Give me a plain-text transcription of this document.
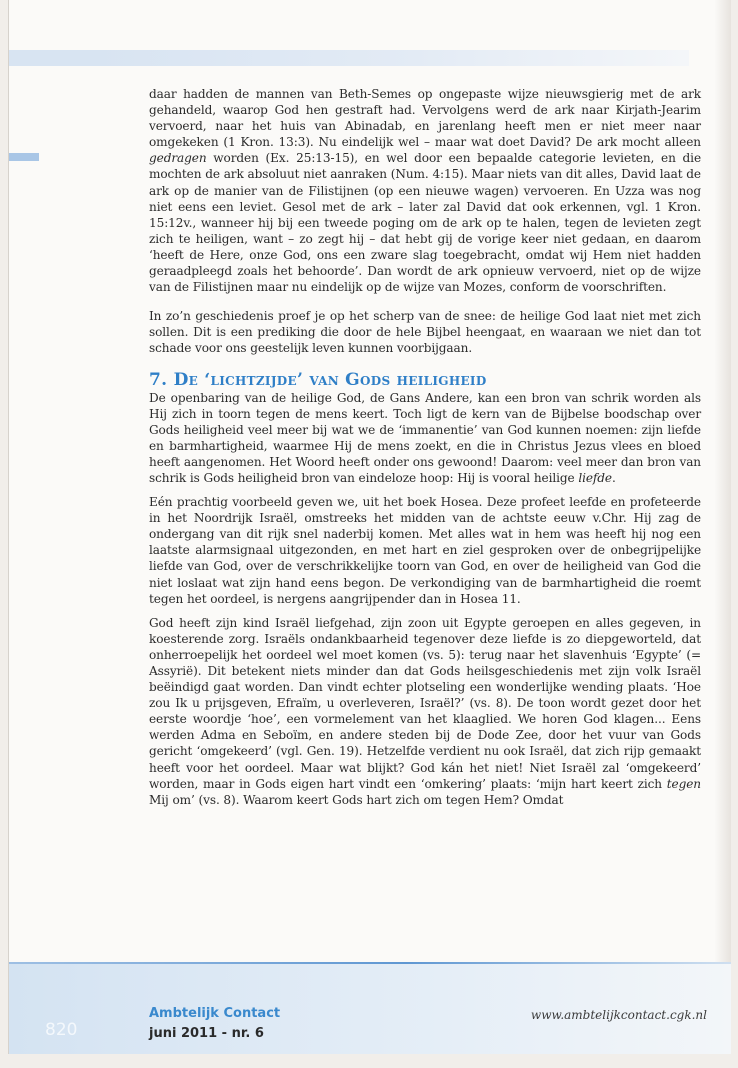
daar hadden de mannen van Beth-Semes op ongepaste wijze nieuwsgierig met de ark gehandeld, waarop God hen gestraft had. Vervolgens werd de ark naar Kirjath-Jearim vervoerd, naar het huis van Abinadab, en jarenlang heeft men er niet meer naar omgekeken (1 Kron. 13:3). Nu eindelijk wel – maar wat doet David? De ark mocht alleen gedragen worden (Ex. 25:13-15), en wel door een bepaalde categorie levieten, en die mochten de ark absoluut niet aanraken (Num. 4:15). Maar niets van dit alles, David laat de ark op de manier van de Filistijnen (op een nieuwe wagen) vervoeren. En Uzza was nog niet eens een leviet. Gesol met de ark – later zal David dat ook erkennen, vgl. 1 Kron. 15:12v., wanneer hij bij een tweede poging om de ark op te halen, tegen de levieten zegt zich te heiligen, want – zo zegt hij – dat hebt gij de vorige keer niet gedaan, en daarom ‘heeft de Here, onze God, ons een zware slag toegebracht, omdat wij Hem niet hadden geraadpleegd zoals het behoorde’. Dan wordt de ark opnieuw vervoerd, niet op de wijze van de Filistijnen maar nu eindelijk op de wijze van Mozes, conform de voorschriften.

In zo’n geschiedenis proef je op het scherp van de snee: de heilige God laat niet met zich sollen. Dit is een prediking die door de hele Bijbel heengaat, en waaraan we niet dan tot schade voor ons geestelijk leven kunnen voorbijgaan.

7. De ‘lichtzijde’ van Gods heiligheid

De openbaring van de heilige God, de Gans Andere, kan een bron van schrik worden als Hij zich in toorn tegen de mens keert. Toch ligt de kern van de Bijbelse boodschap over Gods heiligheid veel meer bij wat we de ‘immanentie’ van God kunnen noemen: zijn liefde en barmhartigheid, waarmee Hij de mens zoekt, en die in Christus Jezus vlees en bloed heeft aangenomen. Het Woord heeft onder ons gewoond! Daarom: veel meer dan bron van schrik is Gods heiligheid bron van eindeloze hoop: Hij is vooral heilige liefde.

Eén prachtig voorbeeld geven we, uit het boek Hosea. Deze profeet leefde en profeteerde in het Noordrijk Israël, omstreeks het midden van de achtste eeuw v.Chr. Hij zag de ondergang van dit rijk snel naderbij komen. Met alles wat in hem was heeft hij nog een laatste alarmsignaal uitgezonden, en met hart en ziel gesproken over de onbegrijpelijke liefde van God, over de verschrikkelijke toorn van God, en over de heiligheid van God die niet loslaat wat zijn hand eens begon. De verkondiging van de barmhartigheid die roemt tegen het oordeel, is nergens aangrijpender dan in Hosea 11.

God heeft zijn kind Israël liefgehad, zijn zoon uit Egypte geroepen en alles gegeven, in koesterende zorg. Israëls ondankbaarheid tegenover deze liefde is zo diepgeworteld, dat onherroepelijk het oordeel wel moet komen (vs. 5): terug naar het slavenhuis ‘Egypte’ (= Assyrië). Dit betekent niets minder dan dat Gods heilsgeschiedenis met zijn volk Israël beëindigd gaat worden. Dan vindt echter plotseling een wonderlijke wending plaats. ‘Hoe zou Ik u prijsgeven, Efraïm, u overleveren, Israël?’ (vs. 8). De toon wordt gezet door het eerste woordje ‘hoe’, een vormelement van het klaaglied. We horen God klagen... Eens werden Adma en Seboïm, en andere steden bij de Dode Zee, door het vuur van Gods gericht ‘omgekeerd’ (vgl. Gen. 19). Hetzelfde verdient nu ook Israël, dat zich rijp gemaakt heeft voor het oordeel. Maar wat blijkt? God kán het niet! Niet Israël zal ‘omgekeerd’ worden, maar in Gods eigen hart vindt een ‘omkering’ plaats: ‘mijn hart keert zich tegen Mij om’ (vs. 8). Waarom keert Gods hart zich om tegen Hem? Omdat

820
Ambtelijk Contact
juni 2011 - nr. 6
www.ambtelijkcontact.cgk.nl
